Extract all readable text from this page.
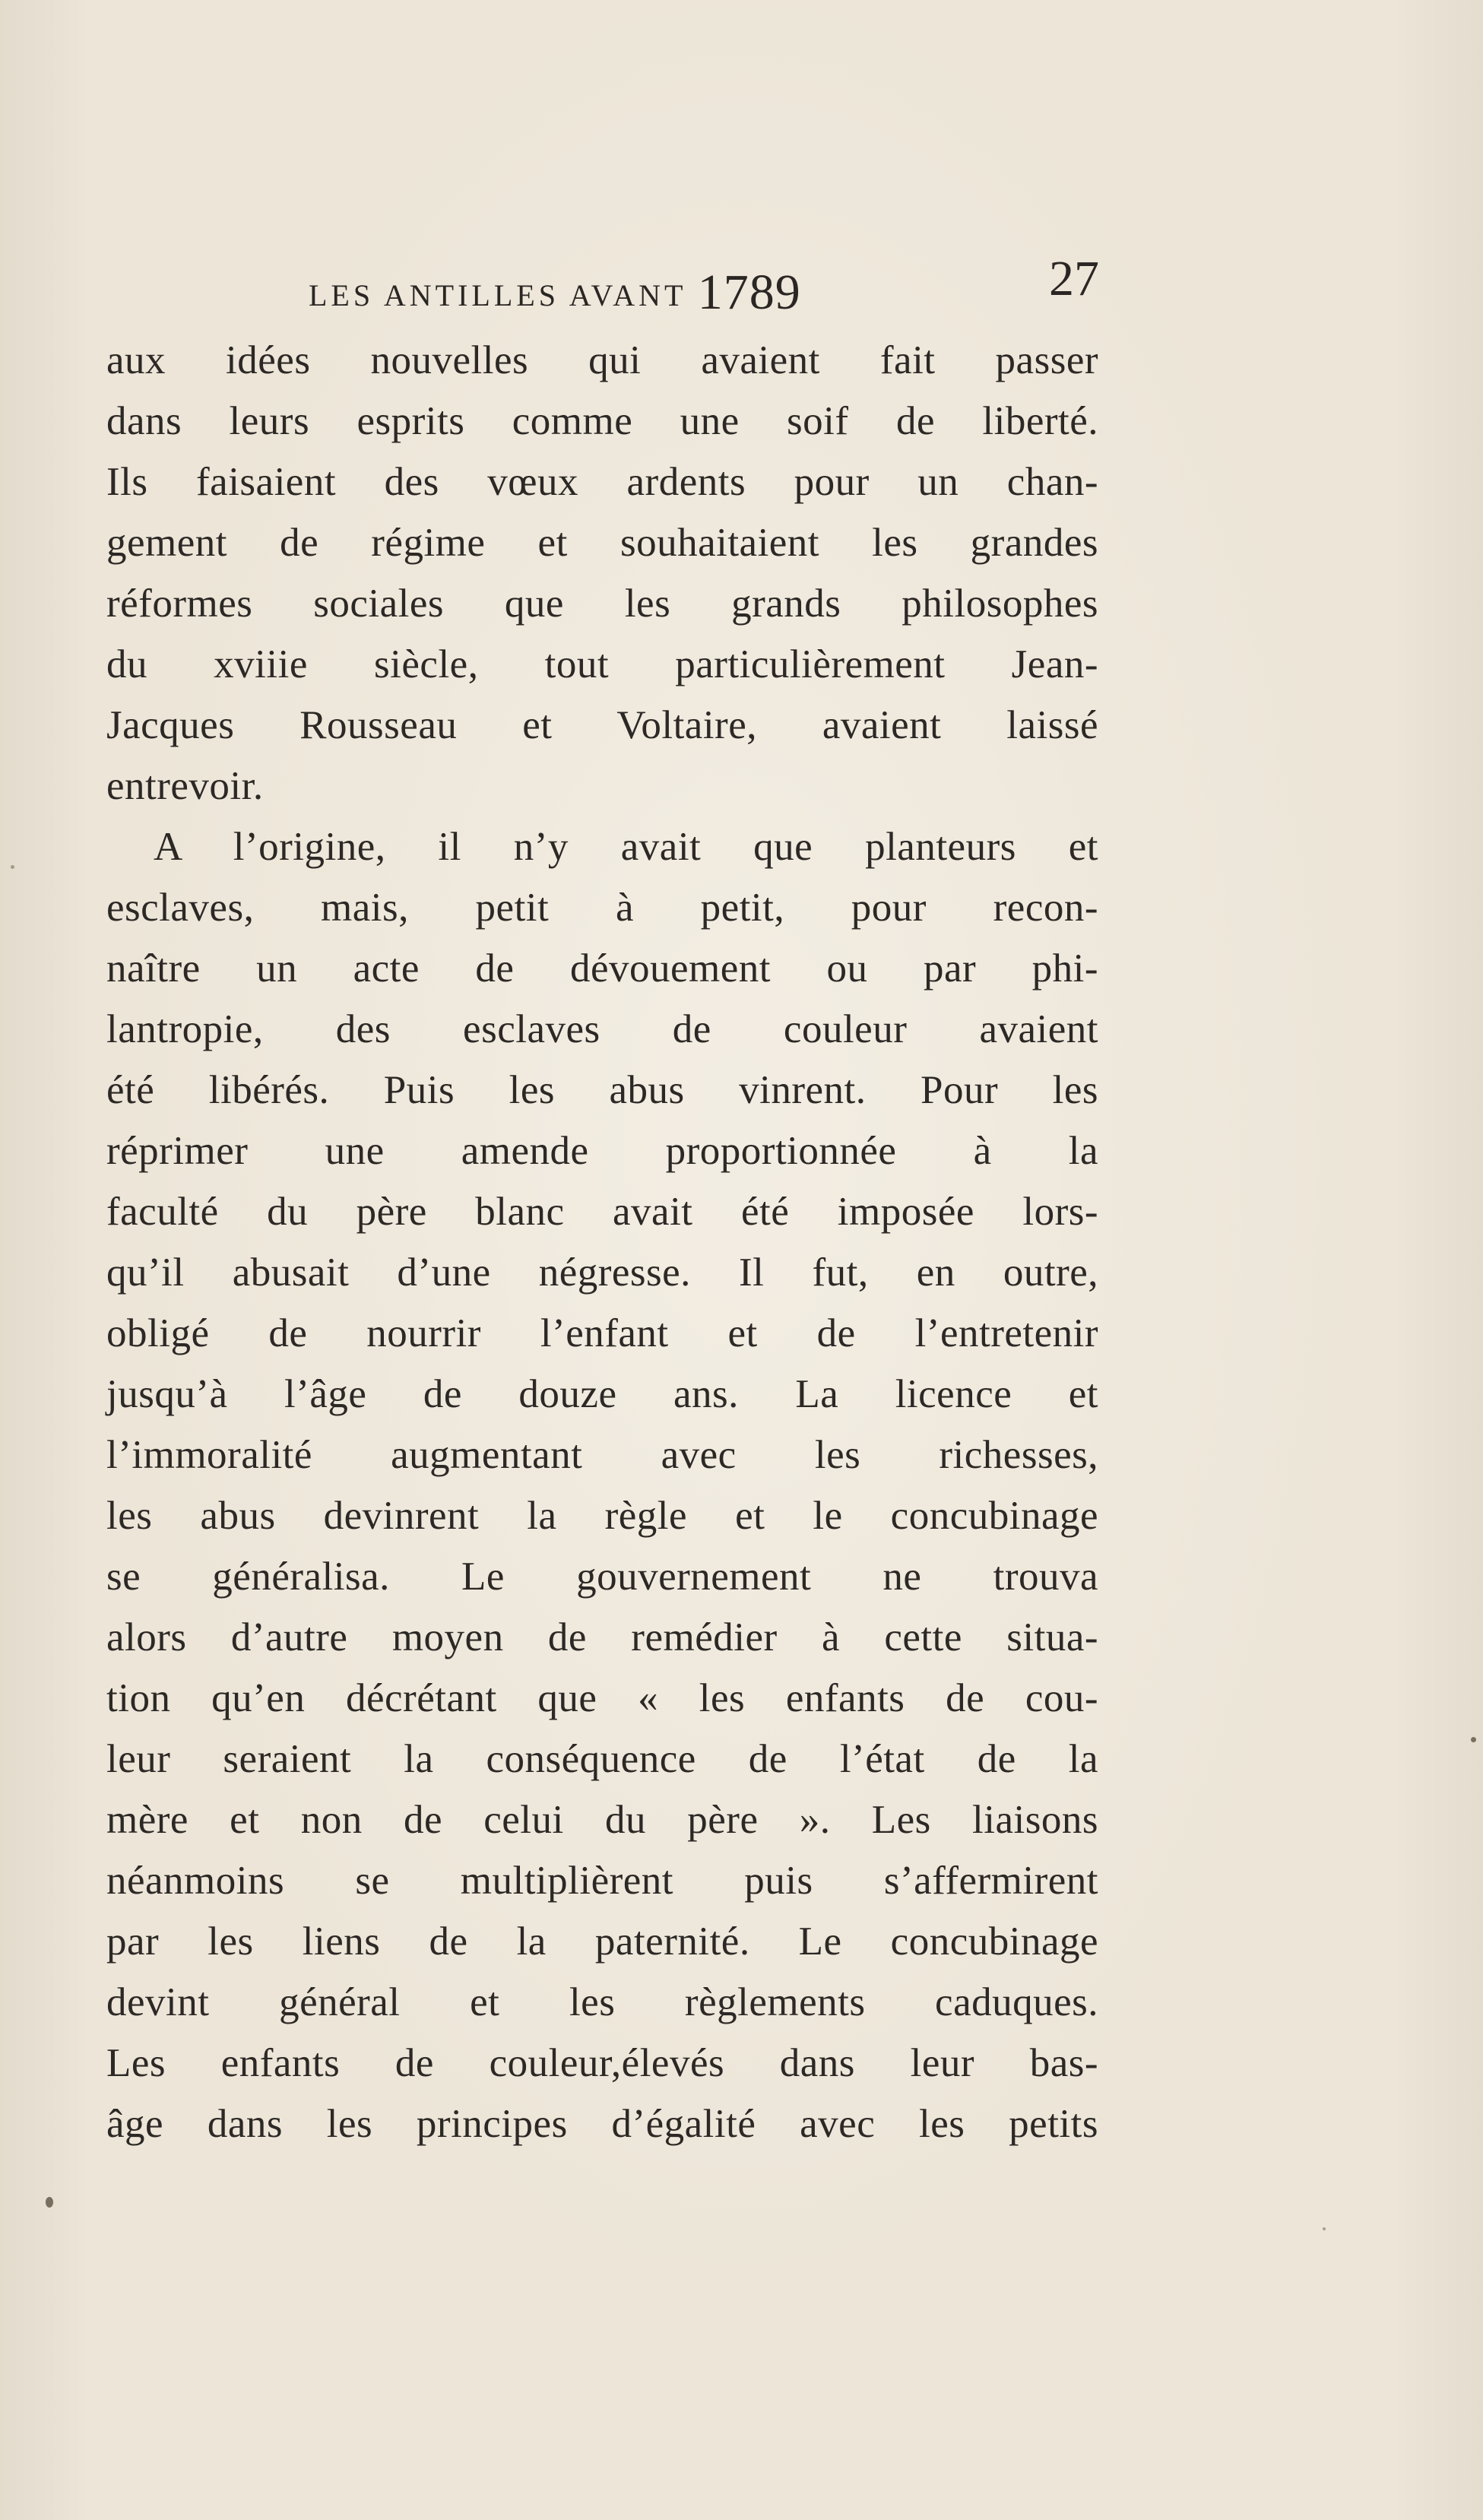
LES ANTILLES AVANT 1789	27
aux idées nouvelles qui avaient fait passer
dans leurs esprits comme une soif de liberté.
Ils faisaient des vœux ardents pour un chan-
gement de régime et souhaitaient les grandes
réformes sociales que les grands philosophes
du xviiie siècle, tout particulièrement Jean-
Jacques Rousseau et Voltaire, avaient laissé
entrevoir.
A l’origine, il n’y avait que planteurs et
esclaves, mais, petit à petit, pour recon-
naître un acte de dévouement ou par phi-
lantropie, des esclaves de couleur avaient
été libérés. Puis les abus vinrent. Pour les
réprimer une amende proportionnée à la
faculté du père blanc avait été imposée lors-
qu’il abusait d’une négresse. Il fut, en outre,
obligé de nourrir l’enfant et de l’entretenir
jusqu’à l’âge de douze ans. La licence et
l’immoralité augmentant avec les richesses,
les abus devinrent la règle et le concubinage
se généralisa. Le gouvernement ne trouva
alors d’autre moyen de remédier à cette situa-
tion qu’en décrétant que « les enfants de cou-
leur seraient la conséquence de l’état de la
mère et non de celui du père ». Les liaisons
néanmoins se multiplièrent puis s’affermirent
par les liens de la paternité. Le concubinage
devint général et les règlements caduques.
Les enfants de couleur,élevés dans leur bas-
âge dans les principes d’égalité avec les petits
